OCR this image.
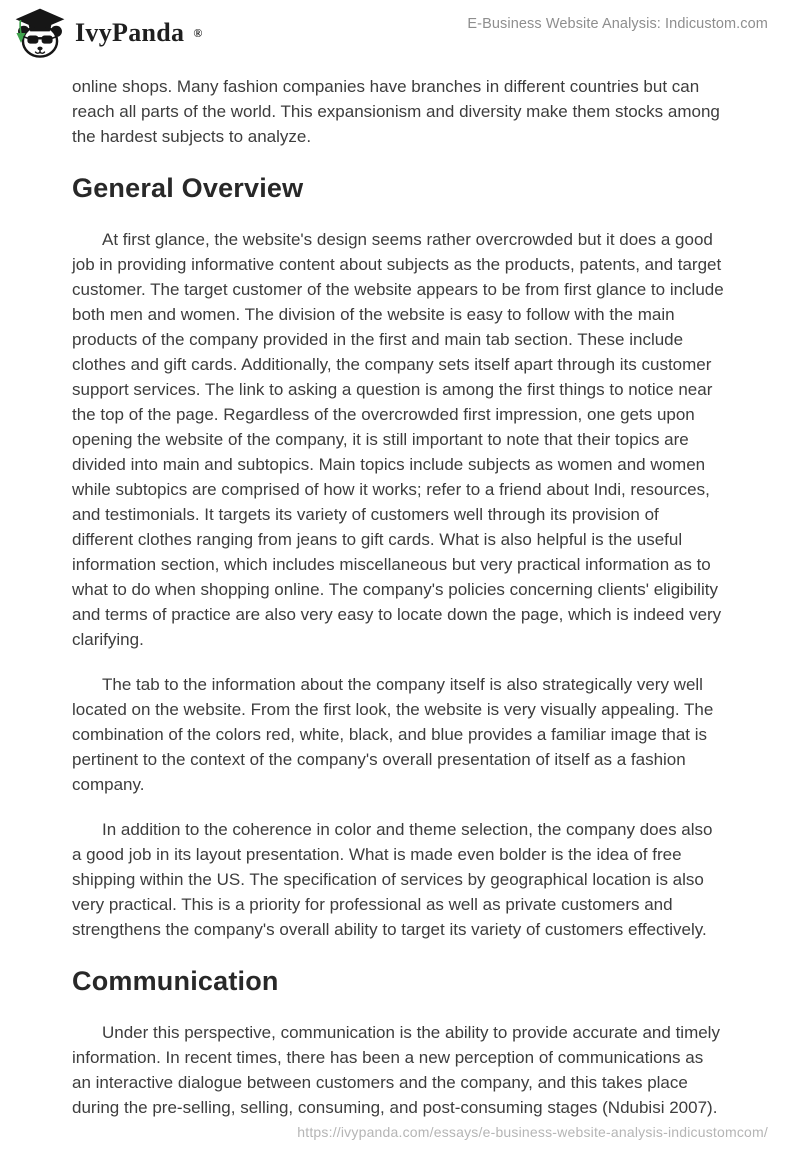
IvyPanda ®
E-Business Website Analysis: Indicustom.com

online shops. Many fashion companies have branches in different countries but can reach all parts of the world. This expansionism and diversity make them stocks among the hardest subjects to analyze.

General Overview

At first glance, the website's design seems rather overcrowded but it does a good job in providing informative content about subjects as the products, patents, and target customer. The target customer of the website appears to be from first glance to include both men and women. The division of the website is easy to follow with the main products of the company provided in the first and main tab section. These include clothes and gift cards. Additionally, the company sets itself apart through its customer support services. The link to asking a question is among the first things to notice near the top of the page. Regardless of the overcrowded first impression, one gets upon opening the website of the company, it is still important to note that their topics are divided into main and subtopics. Main topics include subjects as women and women while subtopics are comprised of how it works; refer to a friend about Indi, resources, and testimonials. It targets its variety of customers well through its provision of different clothes ranging from jeans to gift cards. What is also helpful is the useful information section, which includes miscellaneous but very practical information as to what to do when shopping online. The company's policies concerning clients' eligibility and terms of practice are also very easy to locate down the page, which is indeed very clarifying.

The tab to the information about the company itself is also strategically very well located on the website. From the first look, the website is very visually appealing. The combination of the colors red, white, black, and blue provides a familiar image that is pertinent to the context of the company's overall presentation of itself as a fashion company.

In addition to the coherence in color and theme selection, the company does also a good job in its layout presentation. What is made even bolder is the idea of free shipping within the US. The specification of services by geographical location is also very practical. This is a priority for professional as well as private customers and strengthens the company's overall ability to target its variety of customers effectively.

Communication

Under this perspective, communication is the ability to provide accurate and timely information. In recent times, there has been a new perception of communications as an interactive dialogue between customers and the company, and this takes place during the pre-selling, selling, consuming, and post-consuming stages (Ndubisi 2007).

https://ivypanda.com/essays/e-business-website-analysis-indicustomcom/
